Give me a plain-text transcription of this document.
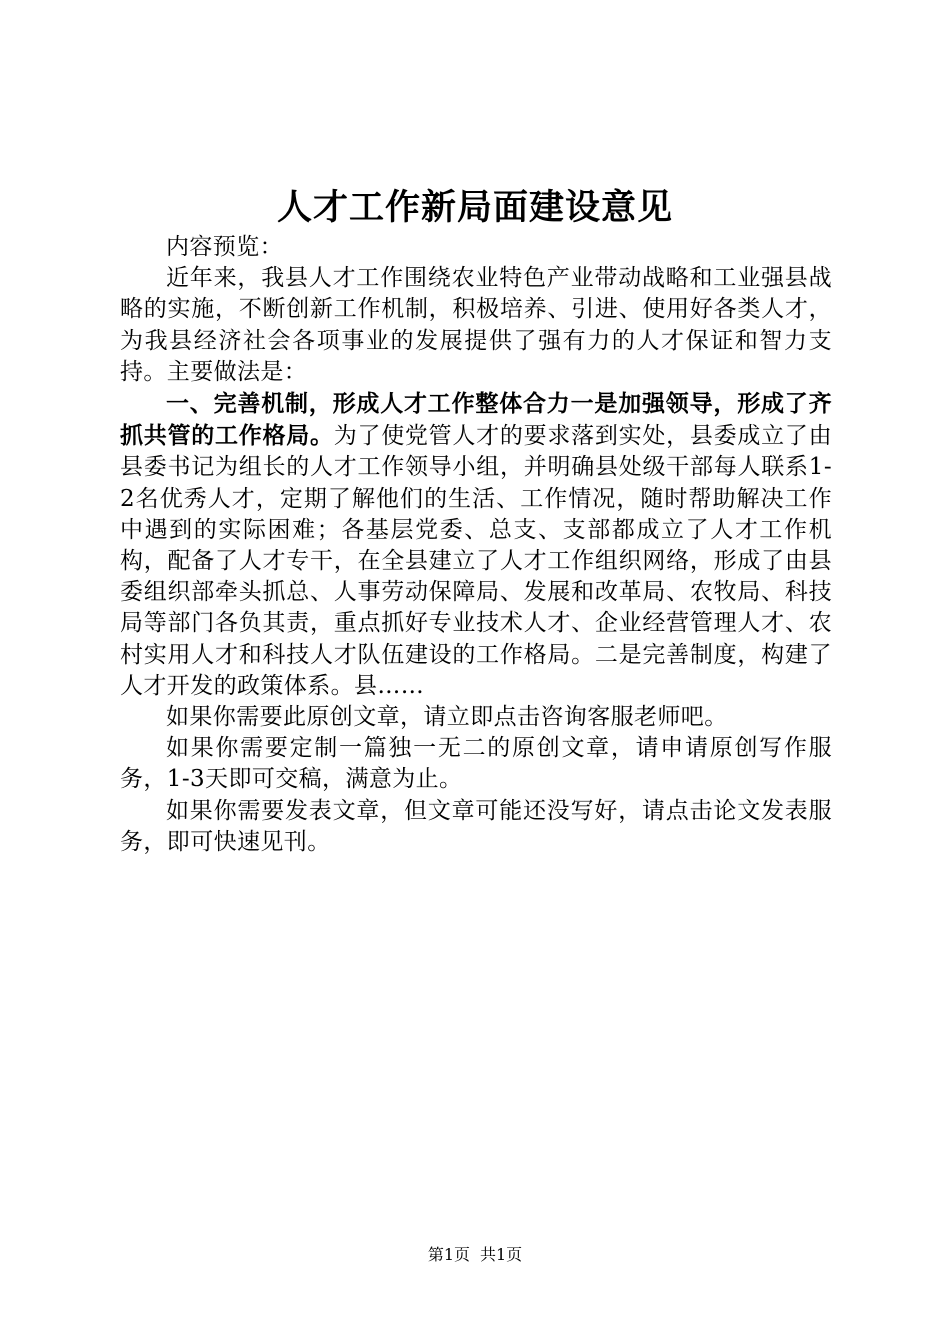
人才工作新局面建设意见

内容预览：

近年来，我县人才工作围绕农业特色产业带动战略和工业强县战略的实施，不断创新工作机制，积极培养、引进、使用好各类人才，为我县经济社会各项事业的发展提供了强有力的人才保证和智力支持。主要做法是：

一、完善机制，形成人才工作整体合力一是加强领导，形成了齐抓共管的工作格局。为了使党管人才的要求落到实处，县委成立了由县委书记为组长的人才工作领导小组，并明确县处级干部每人联系1-2名优秀人才，定期了解他们的生活、工作情况，随时帮助解决工作中遇到的实际困难；各基层党委、总支、支部都成立了人才工作机构，配备了人才专干，在全县建立了人才工作组织网络，形成了由县委组织部牵头抓总、人事劳动保障局、发展和改革局、农牧局、科技局等部门各负其责，重点抓好专业技术人才、企业经营管理人才、农村实用人才和科技人才队伍建设的工作格局。二是完善制度，构建了人才开发的政策体系。县……

如果你需要此原创文章，请立即点击咨询客服老师吧。

如果你需要定制一篇独一无二的原创文章，请申请原创写作服务，1-3天即可交稿，满意为止。

如果你需要发表文章，但文章可能还没写好，请点击论文发表服务，即可快速见刊。

第1页 共1页
